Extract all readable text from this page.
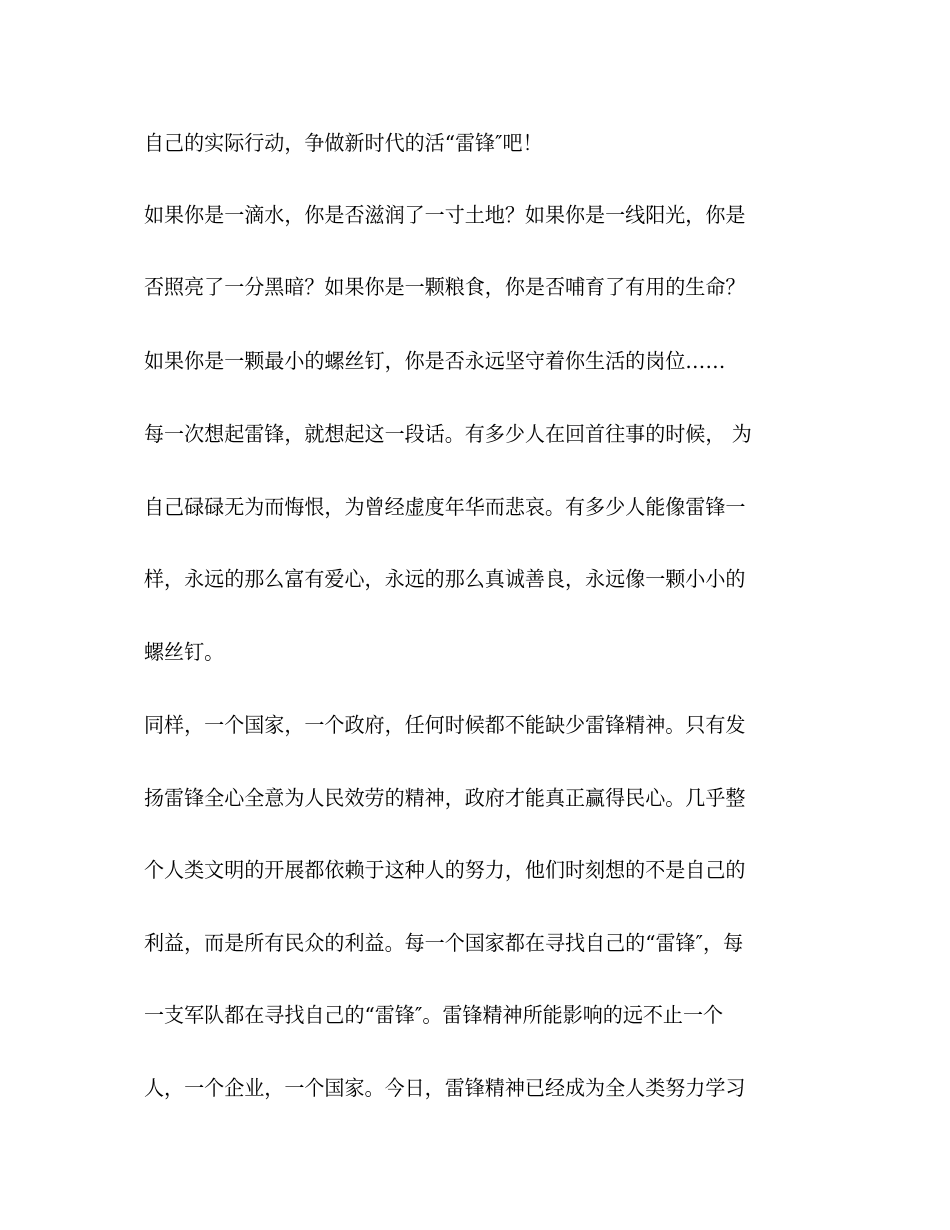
自己的实际行动，争做新时代的活“雷锋″吧！

如果你是一滴水，你是否滋润了一寸土地？如果你是一线阳光，你是

否照亮了一分黑暗？如果你是一颗粮食，你是否哺育了有用的生命？

如果你是一颗最小的螺丝钉，你是否永远坚守着你生活的岗位……

每一次想起雷锋，就想起这一段话。有多少人在回首往事的时候， 为

自己碌碌无为而悔恨，为曾经虚度年华而悲哀。有多少人能像雷锋一

样，永远的那么富有爱心，永远的那么真诚善良，永远像一颗小小的

螺丝钉。

同样，一个国家，一个政府，任何时候都不能缺少雷锋精神。只有发

扬雷锋全心全意为人民效劳的精神，政府才能真正赢得民心。几乎整

个人类文明的开展都依赖于这种人的努力，他们时刻想的不是自己的

利益，而是所有民众的利益。每一个国家都在寻找自己的“雷锋″，每

一支军队都在寻找自己的“雷锋″。雷锋精神所能影响的远不止一个

人，一个企业，一个国家。今日，雷锋精神已经成为全人类努力学习
